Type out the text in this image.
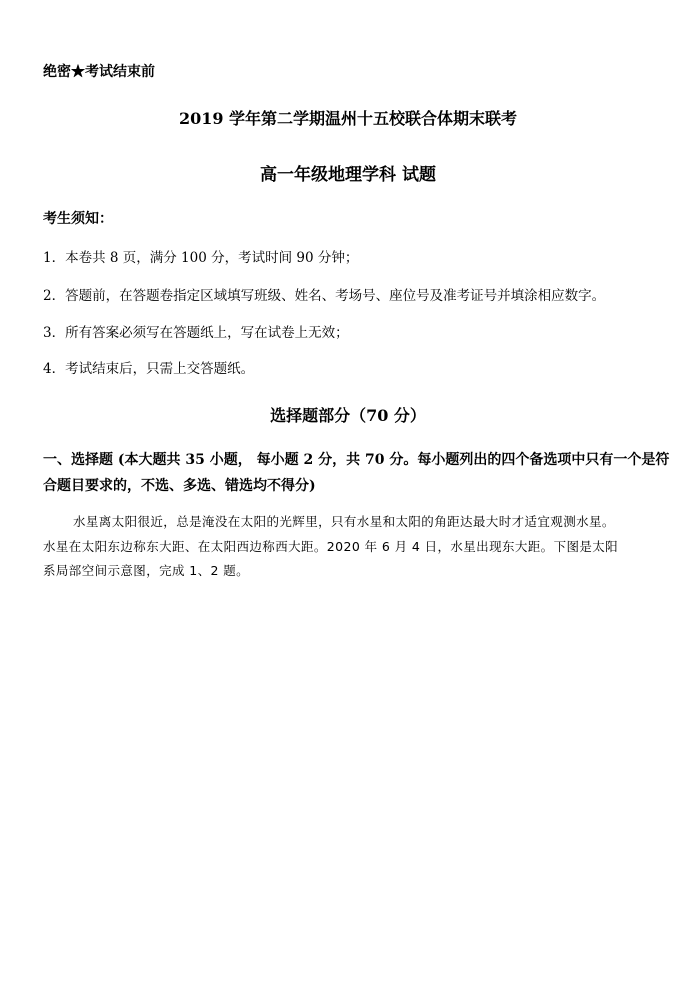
绝密★考试结束前
2019 学年第二学期温州十五校联合体期末联考
高一年级地理学科 试题
考生须知：
1．本卷共 8 页，满分 100 分，考试时间 90 分钟；
2．答题前，在答题卷指定区域填写班级、姓名、考场号、座位号及准考证号并填涂相应数字。
3．所有答案必须写在答题纸上，写在试卷上无效；
4．考试结束后，只需上交答题纸。
选择题部分（70 分）
一、选择题 (本大题共 35 小题， 每小题 2 分，共 70 分。每小题列出的四个备选项中只有一个是符
合题目要求的，不选、多选、错选均不得分)
水星离太阳很近，总是淹没在太阳的光辉里，只有水星和太阳的角距达最大时才适宜观测水星。
水星在太阳东边称东大距、在太阳西边称西大距。2020 年 6 月 4 日，水星出现东大距。下图是太阳
系局部空间示意图，完成 1、2 题。
